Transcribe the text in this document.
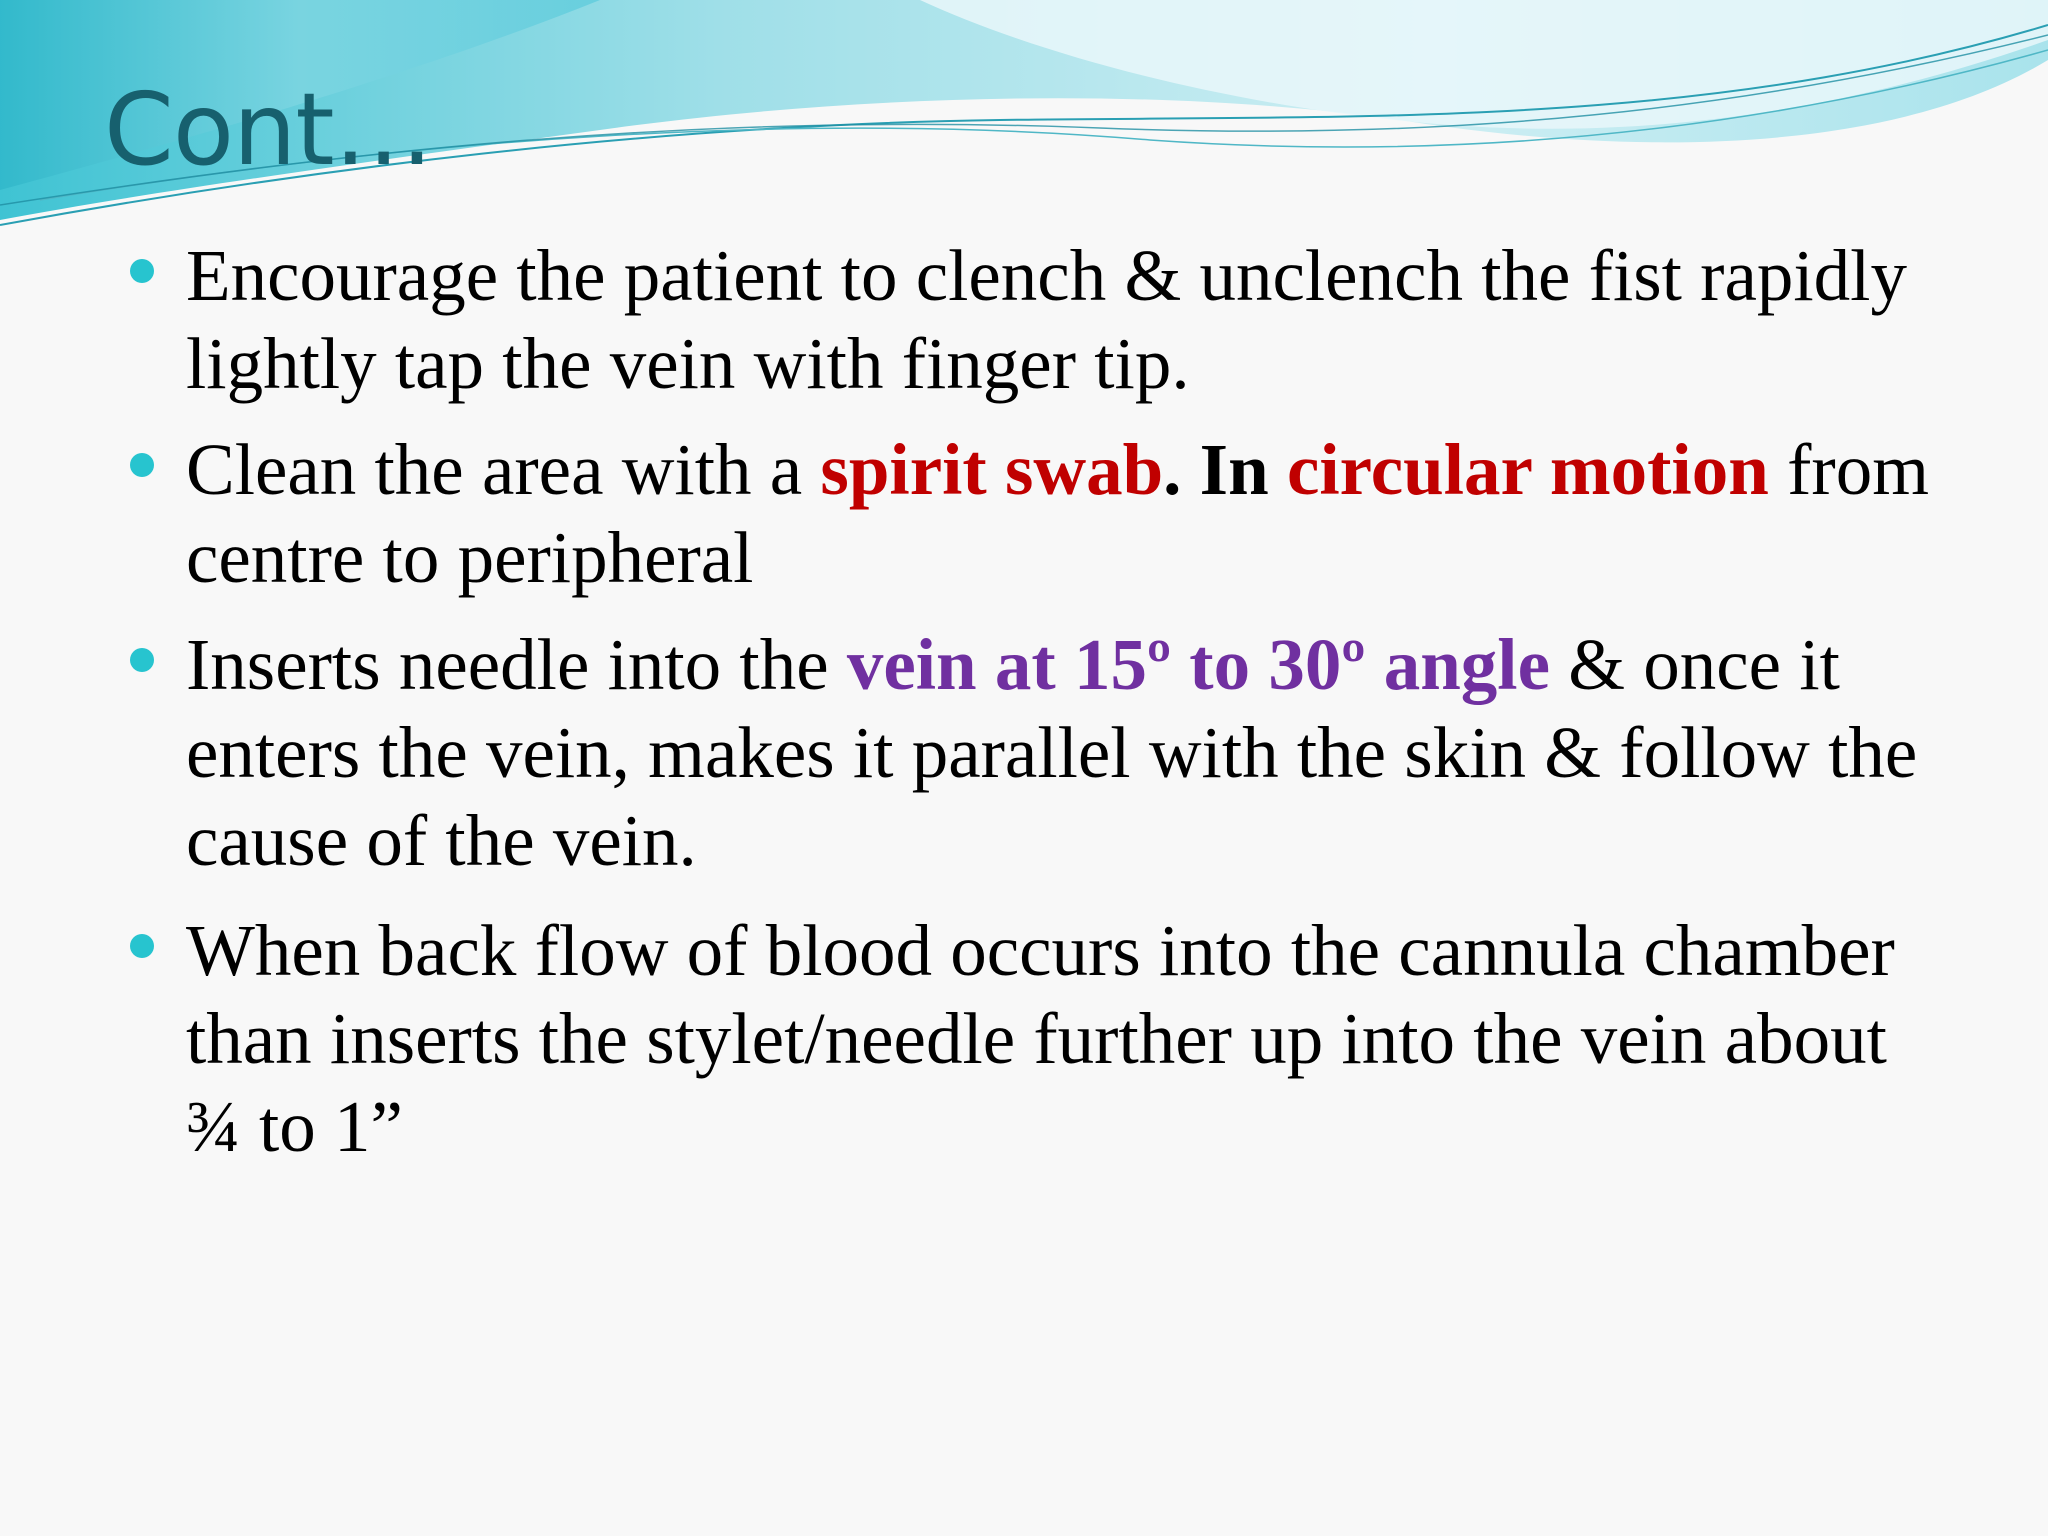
Cont…
Encourage the patient to clench & unclench the fist rapidly lightly tap the vein with finger tip.
Clean the area with a spirit swab. In circular motion from centre to peripheral
Inserts needle into the vein at 15º to 30º angle & once it enters the vein, makes it parallel with the skin & follow the cause of the vein.
When back flow of blood occurs into the cannula chamber than inserts the stylet/needle further up into the vein about ¾ to 1”
